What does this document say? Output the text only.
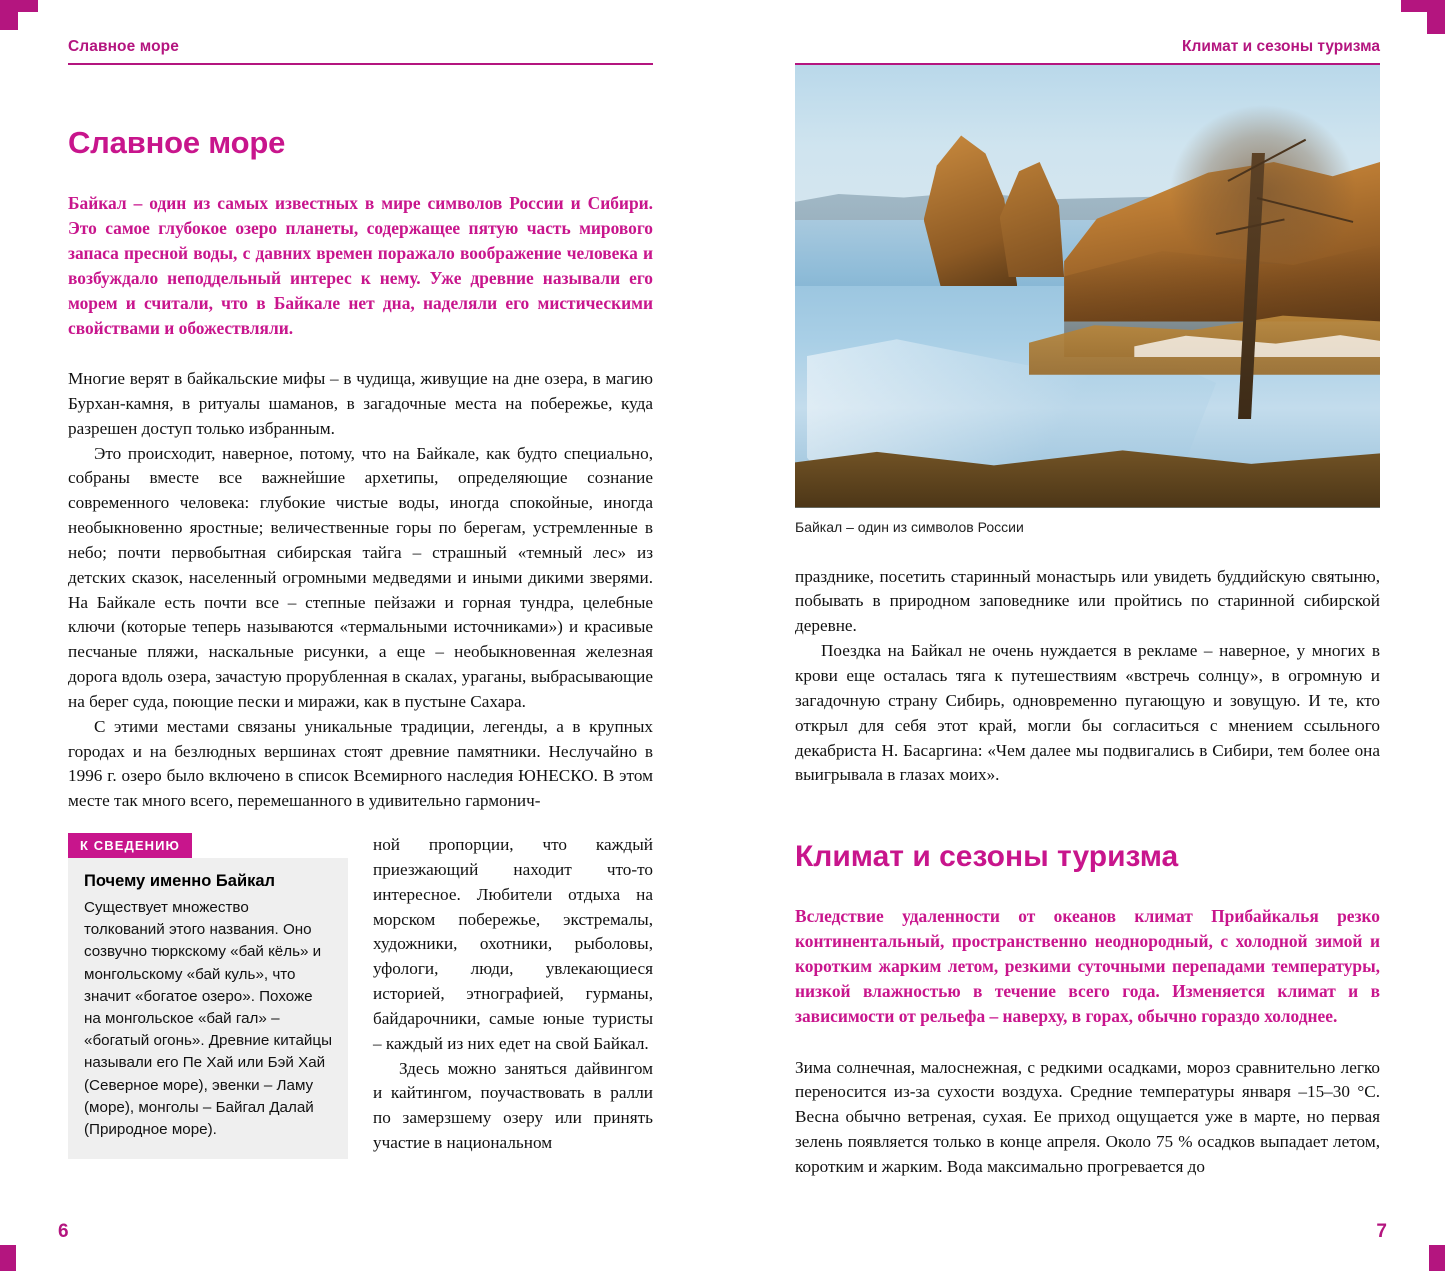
Славное море
Славное море

Байкал – один из самых известных в мире символов России и Сибири. Это самое глубокое озеро планеты, содержащее пятую часть мирового запаса пресной воды, с давних времен поражало воображение человека и возбуждало неподдельный интерес к нему. Уже древние называли его морем и считали, что в Байкале нет дна, наделяли его мистическими свойствами и обожествляли.

Многие верят в байкальские мифы – в чудища, живущие на дне озера, в магию Бурхан-камня, в ритуалы шаманов, в загадочные места на побережье, куда разрешен доступ только избранным.

Это происходит, наверное, потому, что на Байкале, как будто специально, собраны вместе все важнейшие архетипы, определяющие сознание современного человека: глубокие чистые воды, иногда спокойные, иногда необыкновенно яростные; величественные горы по берегам, устремленные в небо; почти первобытная сибирская тайга – страшный «темный лес» из детских сказок, населенный огромными медведями и иными дикими зверями. На Байкале есть почти все – степные пейзажи и горная тундра, целебные ключи (которые теперь называются «термальными источниками») и красивые песчаные пляжи, наскальные рисунки, а еще – необыкновенная железная дорога вдоль озера, зачастую прорубленная в скалах, ураганы, выбрасывающие на берег суда, поющие пески и миражи, как в пустыне Сахара.

С этими местами связаны уникальные традиции, легенды, а в крупных городах и на безлюдных вершинах стоят древние памятники. Неслучайно в 1996 г. озеро было включено в список Всемирного наследия ЮНЕСКО. В этом месте так много всего, перемешанного в удивительно гармонич-

К СВЕДЕНИЮ

Почему именно Байкал

Существует множество толкований этого названия. Оно созвучно тюркскому «бай кёль» и монгольскому «бай куль», что значит «богатое озеро». Похоже на монгольское «бай гал» – «богатый огонь». Древние китайцы называли его Пе Хай или Бэй Хай (Северное море), эвенки – Ламу (море), монголы – Байгал Далай (Природное море).

ной пропорции, что каждый приезжающий находит что-то интересное. Любители отдыха на морском побережье, экстремалы, художники, охотники, рыболовы, уфологи, люди, увлекающиеся историей, этнографией, гурманы, байдарочники, самые юные туристы – каждый из них едет на свой Байкал.

Здесь можно заняться дайвингом и кайтингом, поучаствовать в ралли по замерзшему озеру или принять участие в национальном

6
Климат и сезоны туризма
Байкал – один из символов России

празднике, посетить старинный монастырь или увидеть буддийскую святыню, побывать в природном заповеднике или пройтись по старинной сибирской деревне.

Поездка на Байкал не очень нуждается в рекламе – наверное, у многих в крови еще осталась тяга к путешествиям «встречь солнцу», в огромную и загадочную страну Сибирь, одновременно пугающую и зовущую. И те, кто открыл для себя этот край, могли бы согласиться с мнением ссыльного декабриста Н. Басаргина: «Чем далее мы подвигались в Сибири, тем более она выигрывала в глазах моих».

Климат и сезоны туризма

Вследствие удаленности от океанов климат Прибайкалья резко континентальный, пространственно неоднородный, с холодной зимой и коротким жарким летом, резкими суточными перепадами температуры, низкой влажностью в течение всего года. Изменяется климат и в зависимости от рельефа – наверху, в горах, обычно гораздо холоднее.

Зима солнечная, малоснежная, с редкими осадками, мороз сравнительно легко переносится из-за сухости воздуха. Средние температуры января –15–30 °С. Весна обычно ветреная, сухая. Ее приход ощущается уже в марте, но первая зелень появляется только в конце апреля. Около 75 % осадков выпадает летом, коротким и жарким. Вода максимально прогревается до

7
